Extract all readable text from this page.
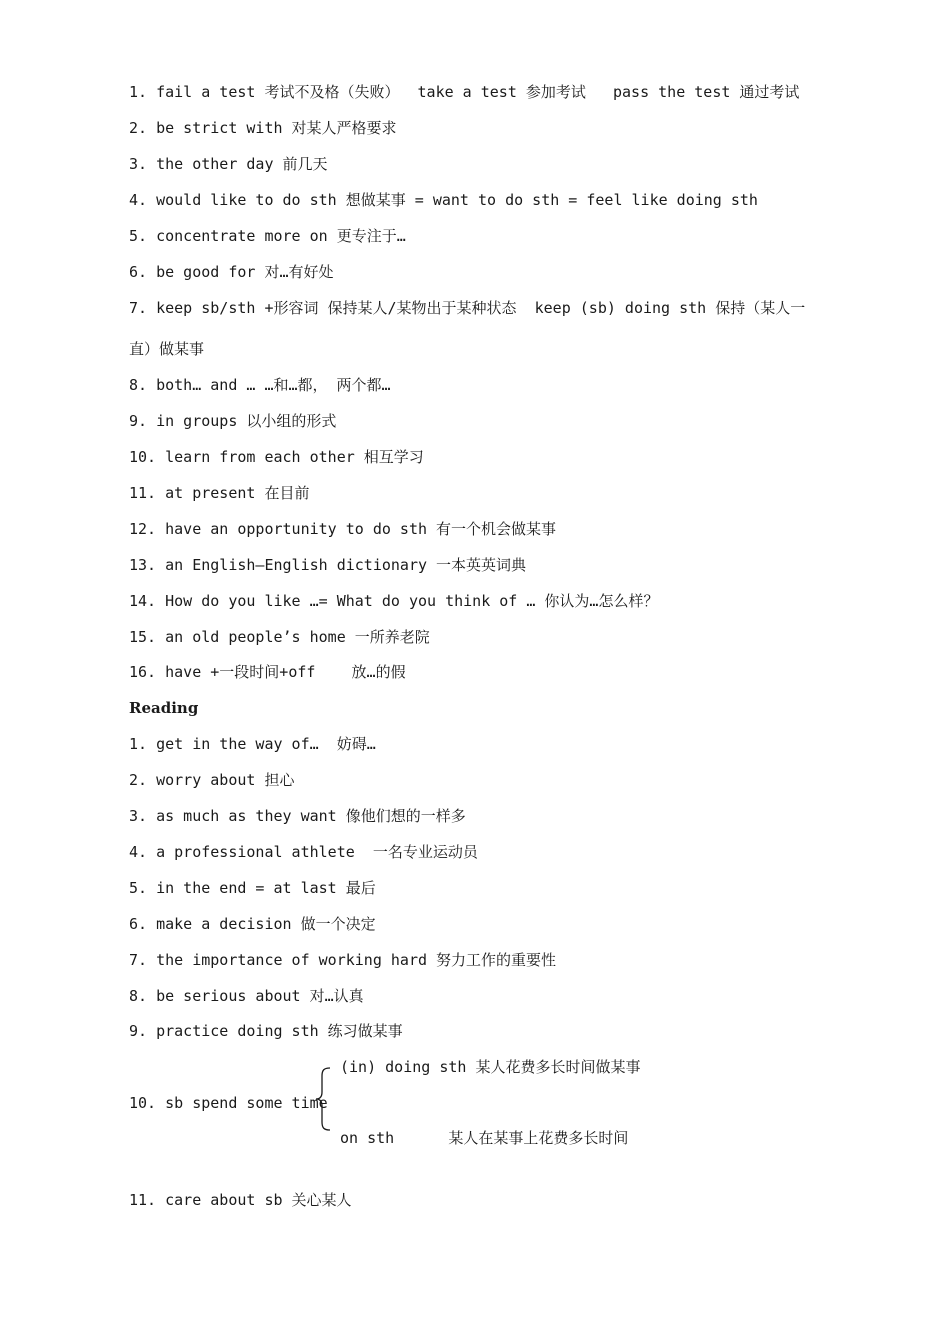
1. fail a test 考试不及格（失败）  take a test 参加考试   pass the test 通过考试
2. be strict with 对某人严格要求
3. the other day 前几天
4. would like to do sth 想做某事 = want to do sth = feel like doing sth
5. concentrate more on 更专注于…
6. be good for 对…有好处
7. keep sb/sth +形容词 保持某人/某物出于某种状态  keep (sb) doing sth 保持（某人一
直）做某事
8. both… and … …和…都， 两个都…
9. in groups 以小组的形式
10. learn from each other 相互学习
11. at present 在目前
12. have an opportunity to do sth 有一个机会做某事
13. an English—English dictionary 一本英英词典
14. How do you like …= What do you think of … 你认为…怎么样？
15. an old people’s home 一所养老院
16. have +一段时间+off    放…的假
Reading
1. get in the way of…  妨碍…
2. worry about 担心
3. as much as they want 像他们想的一样多
4. a professional athlete  一名专业运动员
5. in the end = at last 最后
6. make a decision 做一个决定
7. the importance of working hard 努力工作的重要性
8. be serious about 对…认真
9. practice doing sth 练习做某事
10. sb spend some time
(in) doing sth 某人花费多长时间做某事
on sth      某人在某事上花费多长时间
11. care about sb 关心某人
